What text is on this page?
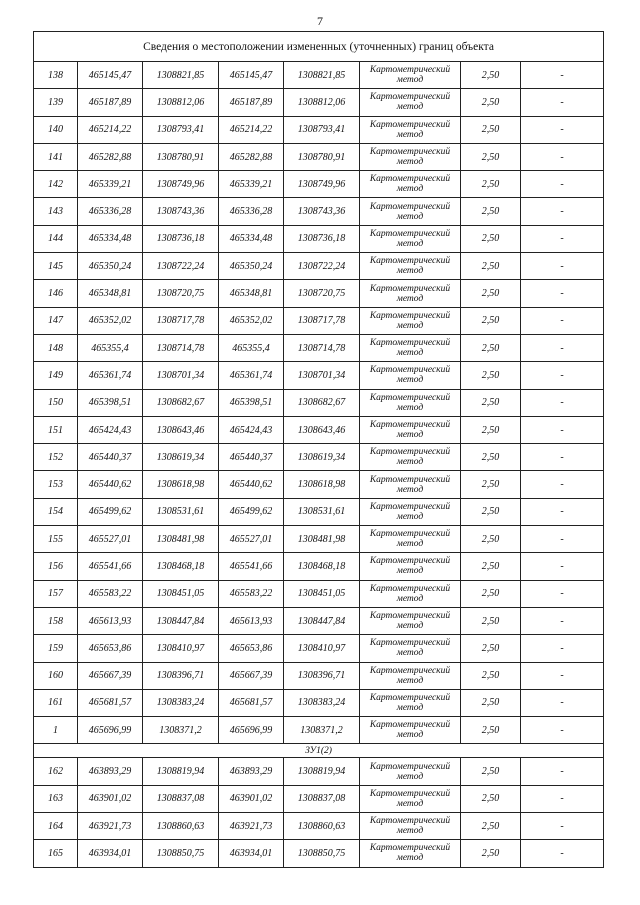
7
Сведения о местоположении измененных (уточненных) границ объекта							
138	465145,47	1308821,85	465145,47	1308821,85	Картометрический метод	2,50	-
139	465187,89	1308812,06	465187,89	1308812,06	Картометрический метод	2,50	-
140	465214,22	1308793,41	465214,22	1308793,41	Картометрический метод	2,50	-
141	465282,88	1308780,91	465282,88	1308780,91	Картометрический метод	2,50	-
142	465339,21	1308749,96	465339,21	1308749,96	Картометрический метод	2,50	-
143	465336,28	1308743,36	465336,28	1308743,36	Картометрический метод	2,50	-
144	465334,48	1308736,18	465334,48	1308736,18	Картометрический метод	2,50	-
145	465350,24	1308722,24	465350,24	1308722,24	Картометрический метод	2,50	-
146	465348,81	1308720,75	465348,81	1308720,75	Картометрический метод	2,50	-
147	465352,02	1308717,78	465352,02	1308717,78	Картометрический метод	2,50	-
148	465355,4	1308714,78	465355,4	1308714,78	Картометрический метод	2,50	-
149	465361,74	1308701,34	465361,74	1308701,34	Картометрический метод	2,50	-
150	465398,51	1308682,67	465398,51	1308682,67	Картометрический метод	2,50	-
151	465424,43	1308643,46	465424,43	1308643,46	Картометрический метод	2,50	-
152	465440,37	1308619,34	465440,37	1308619,34	Картометрический метод	2,50	-
153	465440,62	1308618,98	465440,62	1308618,98	Картометрический метод	2,50	-
154	465499,62	1308531,61	465499,62	1308531,61	Картометрический метод	2,50	-
155	465527,01	1308481,98	465527,01	1308481,98	Картометрический метод	2,50	-
156	465541,66	1308468,18	465541,66	1308468,18	Картометрический метод	2,50	-
157	465583,22	1308451,05	465583,22	1308451,05	Картометрический метод	2,50	-
158	465613,93	1308447,84	465613,93	1308447,84	Картометрический метод	2,50	-
159	465653,86	1308410,97	465653,86	1308410,97	Картометрический метод	2,50	-
160	465667,39	1308396,71	465667,39	1308396,71	Картометрический метод	2,50	-
161	465681,57	1308383,24	465681,57	1308383,24	Картометрический метод	2,50	-
1	465696,99	1308371,2	465696,99	1308371,2	Картометрический метод	2,50	-
ЗУ1(2)							
162	463893,29	1308819,94	463893,29	1308819,94	Картометрический метод	2,50	-
163	463901,02	1308837,08	463901,02	1308837,08	Картометрический метод	2,50	-
164	463921,73	1308860,63	463921,73	1308860,63	Картометрический метод	2,50	-
165	463934,01	1308850,75	463934,01	1308850,75	Картометрический метод	2,50	-
